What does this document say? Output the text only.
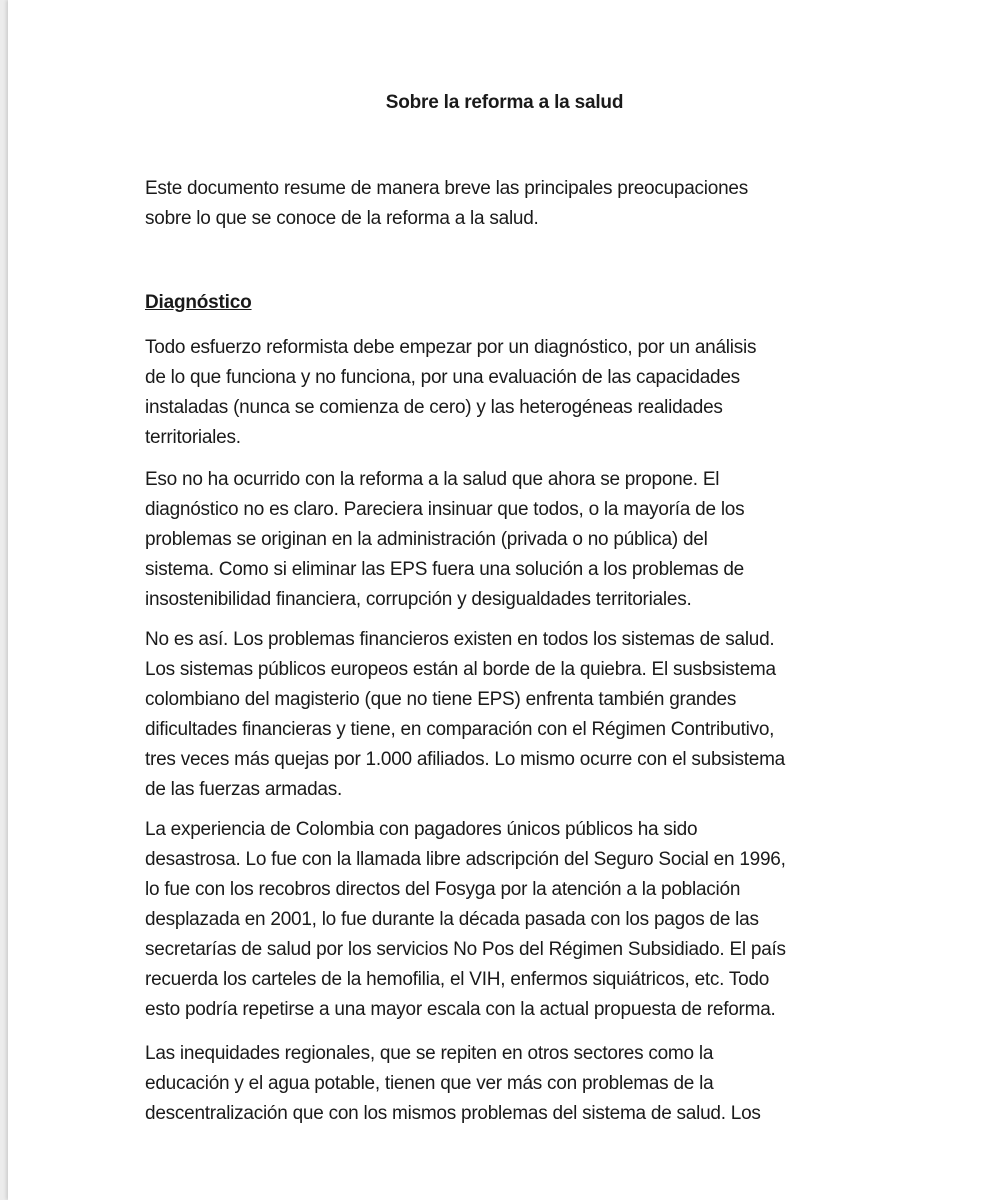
Sobre la reforma a la salud
Este documento resume de manera breve las principales preocupaciones
sobre lo que se conoce de la reforma a la salud.
Diagnóstico
Todo esfuerzo reformista debe empezar por un diagnóstico, por un análisis
de lo que funciona y no funciona, por una evaluación de las capacidades
instaladas (nunca se comienza de cero) y las heterogéneas realidades
territoriales.
Eso no ha ocurrido con la reforma a la salud que ahora se propone. El
diagnóstico no es claro. Pareciera insinuar que todos, o la mayoría de los
problemas se originan en la administración (privada o no pública) del
sistema. Como si eliminar las EPS fuera una solución a los problemas de
insostenibilidad financiera, corrupción y desigualdades territoriales.
No es así. Los problemas financieros existen en todos los sistemas de salud.
Los sistemas públicos europeos están al borde de la quiebra. El susbsistema
colombiano del magisterio (que no tiene EPS) enfrenta también grandes
dificultades financieras y tiene, en comparación con el Régimen Contributivo,
tres veces más quejas por 1.000 afiliados. Lo mismo ocurre con el subsistema
de las fuerzas armadas.
La experiencia de Colombia con pagadores únicos públicos ha sido
desastrosa. Lo fue con la llamada libre adscripción del Seguro Social en 1996,
lo fue con los recobros directos del Fosyga por la atención a la población
desplazada en 2001, lo fue durante la década pasada con los pagos de las
secretarías de salud por los servicios No Pos del Régimen Subsidiado. El país
recuerda los carteles de la hemofilia, el VIH, enfermos siquiátricos, etc. Todo
esto podría repetirse a una mayor escala con la actual propuesta de reforma.
Las inequidades regionales, que se repiten en otros sectores como la
educación y el agua potable, tienen que ver más con problemas de la
descentralización que con los mismos problemas del sistema de salud. Los
